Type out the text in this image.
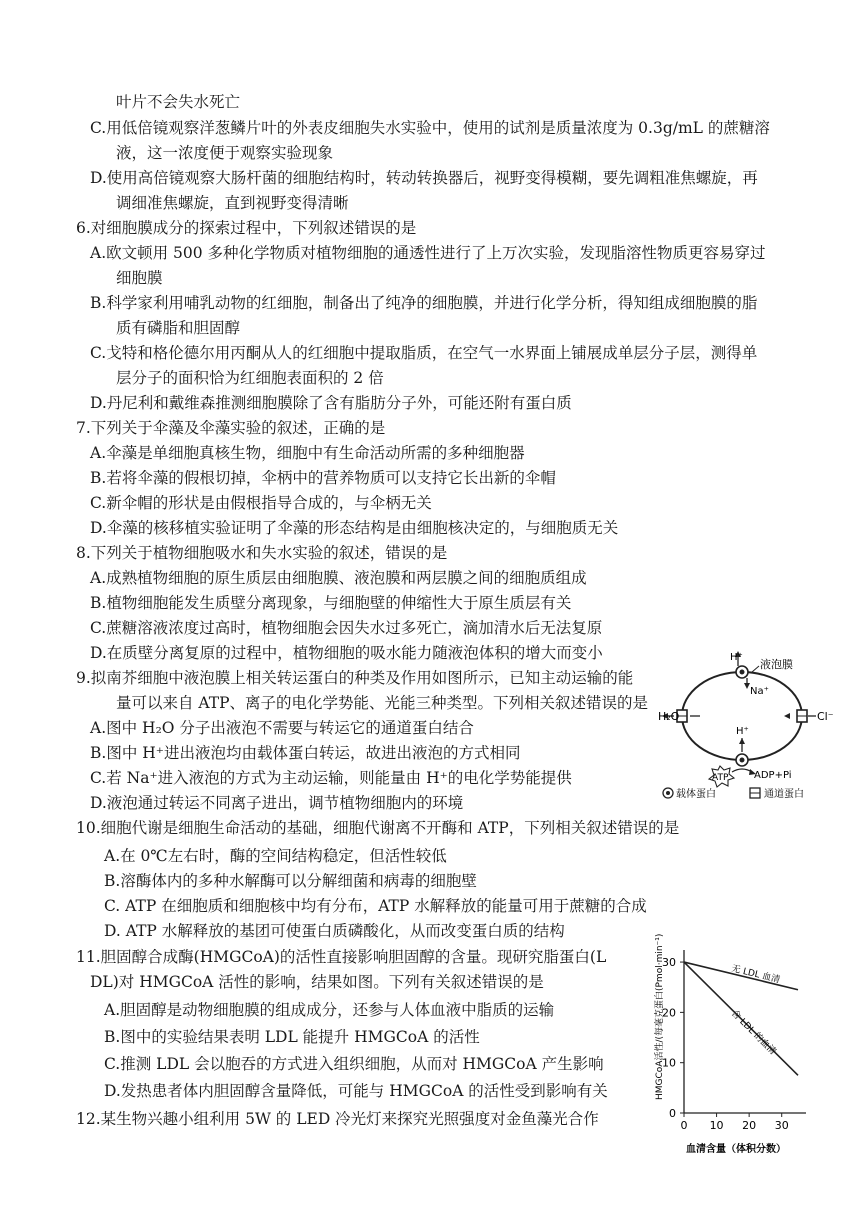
叶片不会失水死亡
C.用低倍镜观察洋葱鳞片叶的外表皮细胞失水实验中，使用的试剂是质量浓度为 0.3g/mL 的蔗糖溶
液，这一浓度便于观察实验现象
D.使用高倍镜观察大肠杆菌的细胞结构时，转动转换器后，视野变得模糊，要先调粗准焦螺旋，再
调细准焦螺旋，直到视野变得清晰
6.对细胞膜成分的探索过程中，下列叙述错误的是
A.欧文顿用 500 多种化学物质对植物细胞的通透性进行了上万次实验，发现脂溶性物质更容易穿过
细胞膜
B.科学家利用哺乳动物的红细胞，制备出了纯净的细胞膜，并进行化学分析，得知组成细胞膜的脂
质有磷脂和胆固醇
C.戈特和格伦德尔用丙酮从人的红细胞中提取脂质，在空气一水界面上铺展成单层分子层，测得单
层分子的面积恰为红细胞表面积的 2 倍
D.丹尼利和戴维森推测细胞膜除了含有脂肪分子外，可能还附有蛋白质
7.下列关于伞藻及伞藻实验的叙述，正确的是
A.伞藻是单细胞真核生物，细胞中有生命活动所需的多种细胞器
B.若将伞藻的假根切掉，伞柄中的营养物质可以支持它长出新的伞帽
C.新伞帽的形状是由假根指导合成的，与伞柄无关
D.伞藻的核移植实验证明了伞藻的形态结构是由细胞核决定的，与细胞质无关
8.下列关于植物细胞吸水和失水实验的叙述，错误的是
A.成熟植物细胞的原生质层由细胞膜、液泡膜和两层膜之间的细胞质组成
B.植物细胞能发生质壁分离现象，与细胞壁的伸缩性大于原生质层有关
C.蔗糖溶液浓度过高时，植物细胞会因失水过多死亡，滴加清水后无法复原
D.在质壁分离复原的过程中，植物细胞的吸水能力随液泡体积的增大而变小
9.拟南芥细胞中液泡膜上相关转运蛋白的种类及作用如图所示，已知主动运输的能
量可以来自 ATP、离子的电化学势能、光能三种类型。下列相关叙述错误的是
A.图中 H₂O 分子出液泡不需要与转运它的通道蛋白结合
B.图中 H⁺进出液泡均由载体蛋白转运，故进出液泡的方式相同
C.若 Na⁺进入液泡的方式为主动运输，则能量由 H⁺的电化学势能提供
D.液泡通过转运不同离子进出，调节植物细胞内的环境
10.细胞代谢是细胞生命活动的基础，细胞代谢离不开酶和 ATP，下列相关叙述错误的是
A.在 0℃左右时，酶的空间结构稳定，但活性较低
B.溶酶体内的多种水解酶可以分解细菌和病毒的细胞壁
C. ATP 在细胞质和细胞核中均有分布，ATP 水解释放的能量可用于蔗糖的合成
D. ATP 水解释放的基团可使蛋白质磷酸化，从而改变蛋白质的结构
11.胆固醇合成酶(HMGCoA)的活性直接影响胆固醇的含量。现研究脂蛋白(L
DL)对 HMGCoA 活性的影响，结果如图。下列有关叙述错误的是
A.胆固醇是动物细胞膜的组成成分，还参与人体血液中脂质的运输
B.图中的实验结果表明 LDL 能提升 HMGCoA 的活性
C.推测 LDL 会以胞吞的方式进入组织细胞，从而对 HMGCoA 产生影响
D.发热患者体内胆固醇含量降低，可能与 HMGCoA 的活性受到影响有关
12.某生物兴趣小组利用 5W 的 LED 冷光灯来探究光照强度对金鱼藻光合作
H⁺
Na⁺
液泡膜
H₂O	Cl⁻
H⁺
ATP	ADP+Pi
载体蛋白	通道蛋白
HMGCoA活性/(每毫克蛋白(Pmol·min⁻¹)
0
10
20
30
0 10 20 30
无 LDL 血清
含 LDL 的血清
血清含量（体积分数）
